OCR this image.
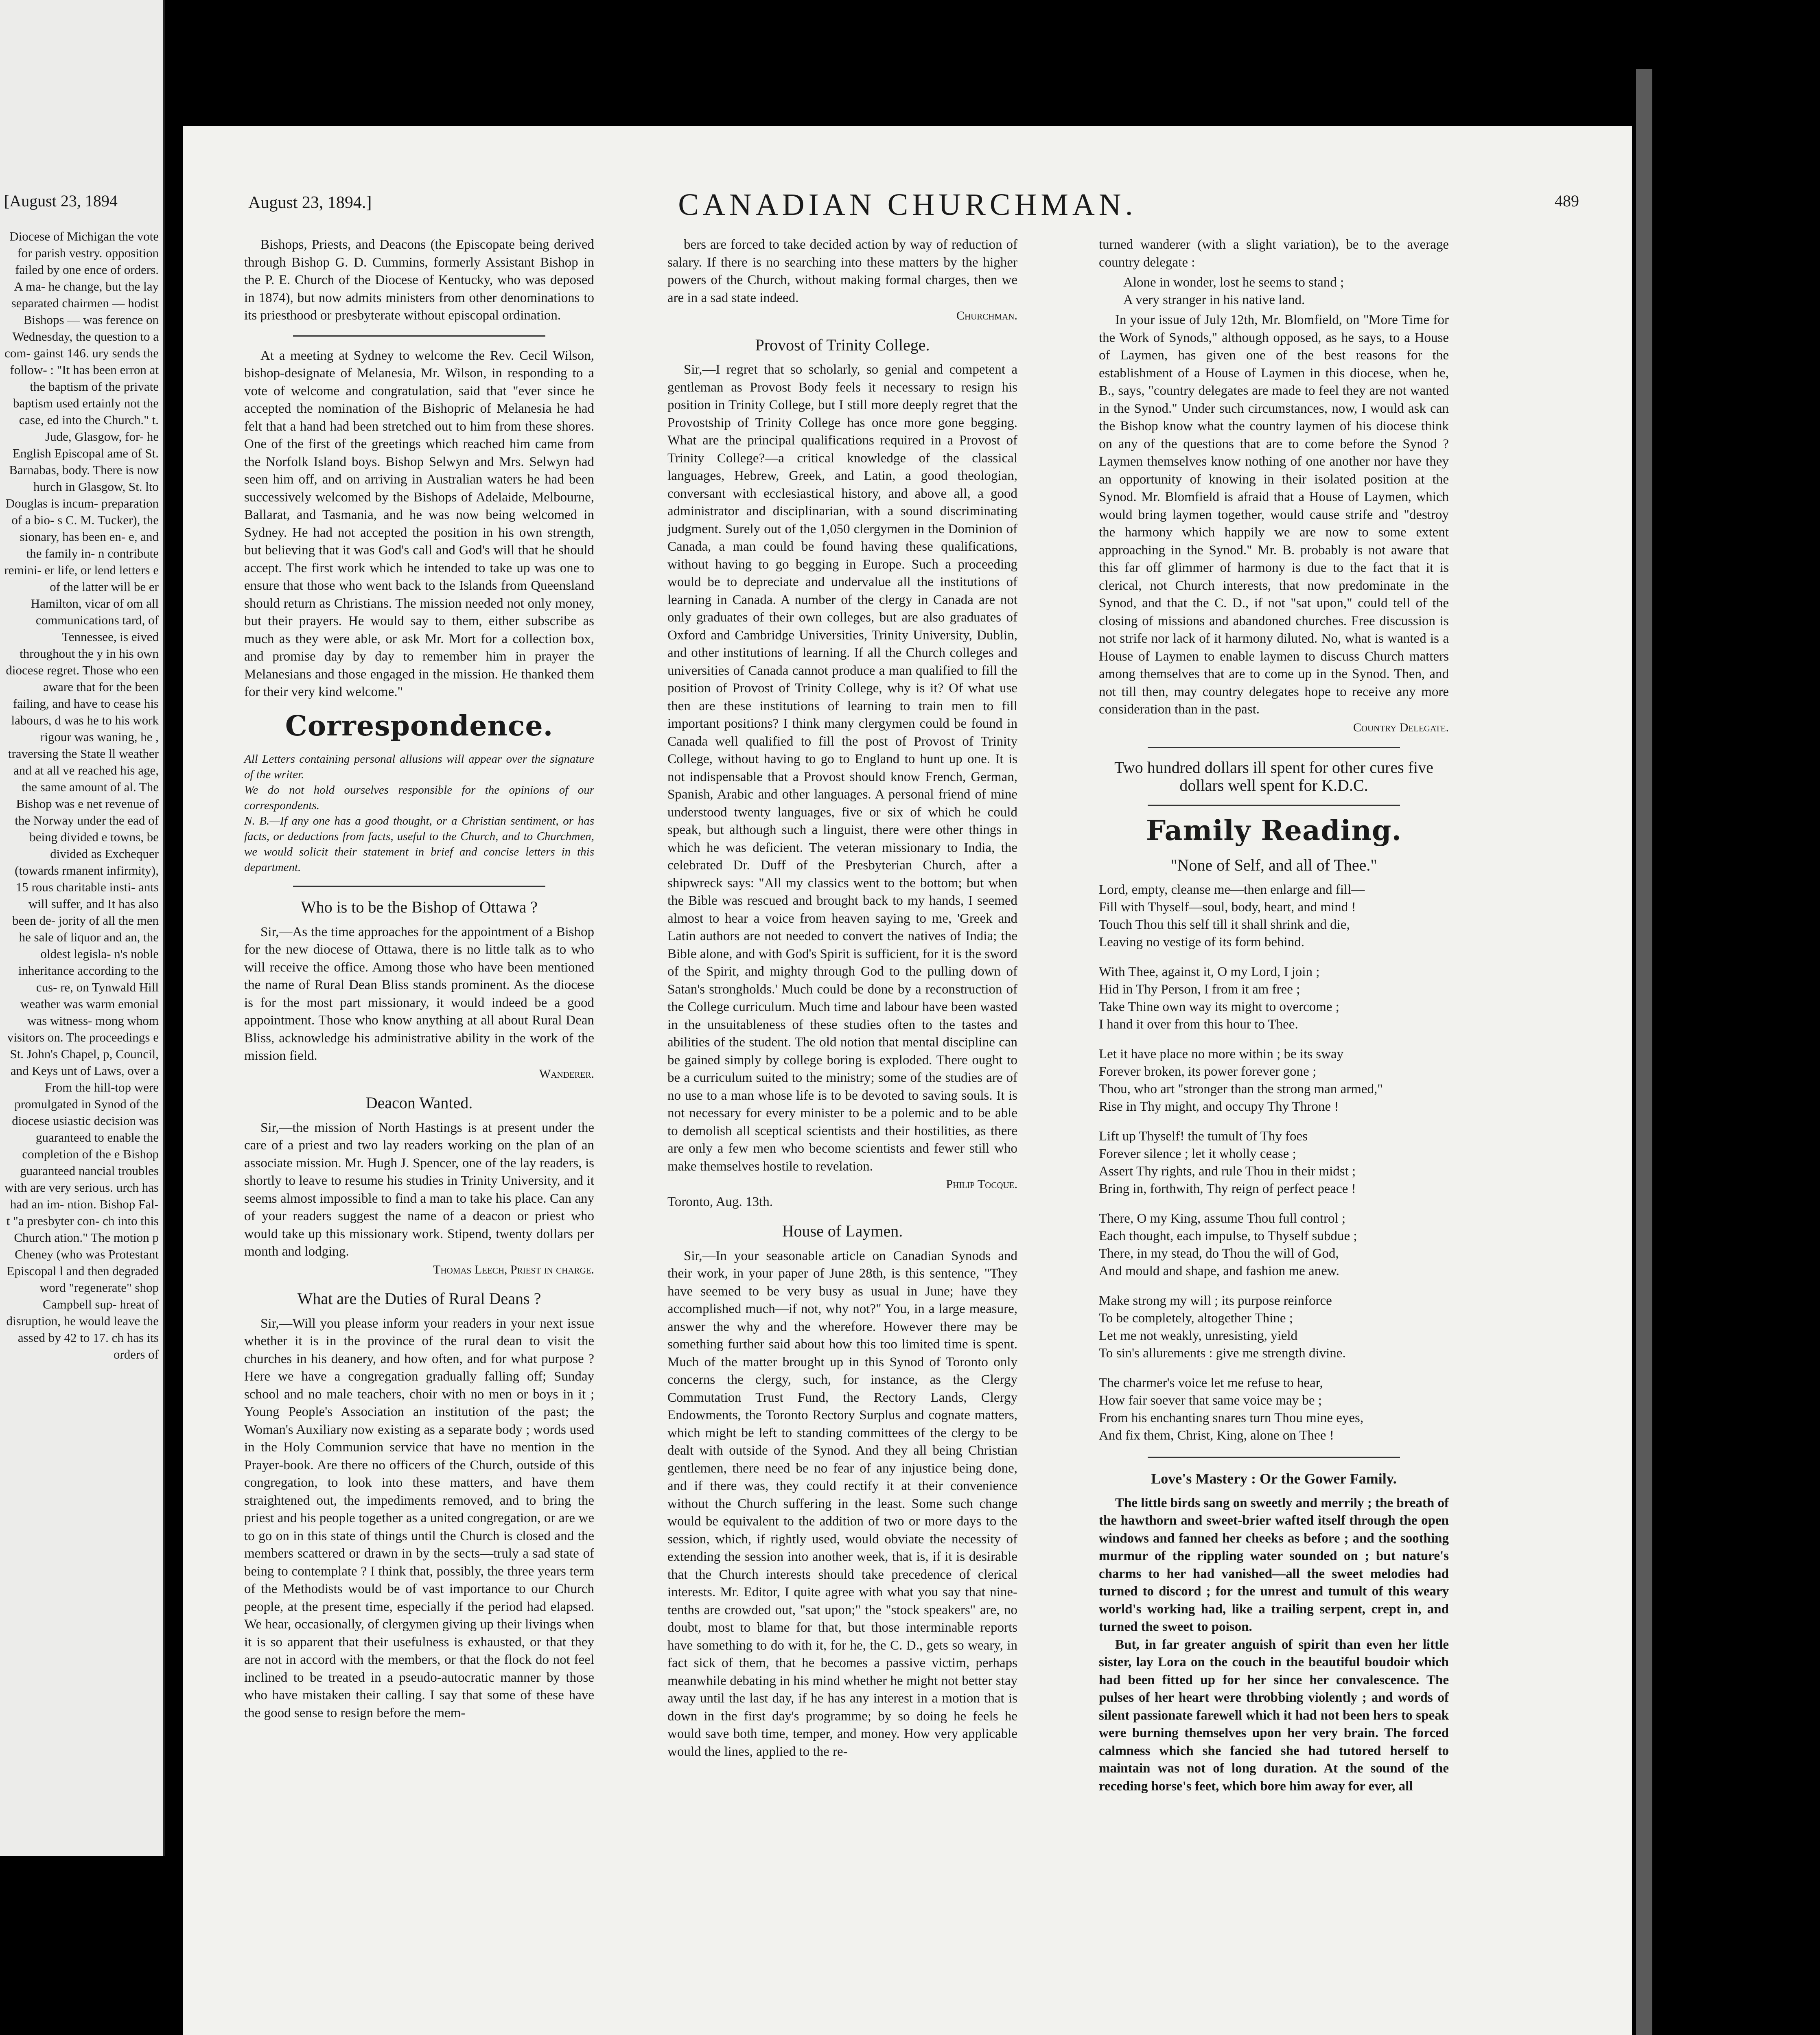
[August 23, 1894
Diocese of Michigan the vote for parish vestry. opposition failed by one ence of orders. A ma- he change, but the lay separated chairmen — hodist Bishops — was ference on Wednesday, the question to a com- gainst 146. ury sends the follow- : "It has been erron at the baptism of the private baptism used ertainly not the case, ed into the Church." t. Jude, Glasgow, for- he English Episcopal ame of St. Barnabas, body. There is now hurch in Glasgow, St. lto Douglas is incum- preparation of a bio- s C. M. Tucker), the sionary, has been en- e, and the family in- n contribute remini- er life, or lend letters e of the latter will be er Hamilton, vicar of om all communications tard, of Tennessee, is eived throughout the y in his own diocese regret. Those who een aware that for the been failing, and have to cease his labours, d was he to his work rigour was waning, he , traversing the State ll weather and at all ve reached his age, the same amount of al. The Bishop was e net revenue of the Norway under the ead of being divided e towns, be divided as Exchequer (towards rmanent infirmity), 15 rous charitable insti- ants will suffer, and It has also been de- jority of all the men he sale of liquor and an, the oldest legisla- n's noble inheritance according to the cus- re, on Tynwald Hill weather was warm emonial was witness- mong whom visitors on. The proceedings e St. John's Chapel, p, Council, and Keys unt of Laws, over a From the hill-top were promulgated in Synod of the diocese usiastic decision was guaranteed to enable the completion of the e Bishop guaranteed nancial troubles with are very serious. urch has had an im- ntion. Bishop Fal- t "a presbyter con- ch into this Church ation." The motion p Cheney (who was Protestant Episcopal l and then degraded word "regenerate" shop Campbell sup- hreat of disruption, he would leave the assed by 42 to 17. ch has its orders of
August 23, 1894.]	CANADIAN CHURCHMAN.	489

Bishops, Priests, and Deacons (the Episcopate being derived through Bishop G. D. Cummins, formerly Assistant Bishop in the P. E. Church of the Diocese of Kentucky, who was deposed in 1874), but now admits ministers from other denominations to its priesthood or presbyterate without episcopal ordination.

At a meeting at Sydney to welcome the Rev. Cecil Wilson, bishop-designate of Melanesia, Mr. Wilson, in responding to a vote of welcome and congratulation, said that "ever since he accepted the nomination of the Bishopric of Melanesia he had felt that a hand had been stretched out to him from these shores. One of the first of the greetings which reached him came from the Norfolk Island boys. Bishop Selwyn and Mrs. Selwyn had seen him off, and on arriving in Australian waters he had been successively welcomed by the Bishops of Adelaide, Melbourne, Ballarat, and Tasmania, and he was now being welcomed in Sydney. He had not accepted the position in his own strength, but believing that it was God's call and God's will that he should accept. The first work which he intended to take up was one to ensure that those who went back to the Islands from Queensland should return as Christians. The mission needed not only money, but their prayers. He would say to them, either subscribe as much as they were able, or ask Mr. Mort for a collection box, and promise day by day to remember him in prayer the Melanesians and those engaged in the mission. He thanked them for their very kind welcome."

Correspondence.
All Letters containing personal allusions will appear over the signature of the writer.
We do not hold ourselves responsible for the opinions of our correspondents.
N. B.—If any one has a good thought, or a Christian sentiment, or has facts, or deductions from facts, useful to the Church, and to Churchmen, we would solicit their statement in brief and concise letters in this department.
Who is to be the Bishop of Ottawa ?

Sir,—As the time approaches for the appointment of a Bishop for the new diocese of Ottawa, there is no little talk as to who will receive the office. Among those who have been mentioned the name of Rural Dean Bliss stands prominent. As the diocese is for the most part missionary, it would indeed be a good appointment. Those who know anything at all about Rural Dean Bliss, acknowledge his administrative ability in the work of the mission field.

Wanderer.
Deacon Wanted.

Sir,—the mission of North Hastings is at present under the care of a priest and two lay readers working on the plan of an associate mission. Mr. Hugh J. Spencer, one of the lay readers, is shortly to leave to resume his studies in Trinity University, and it seems almost impossible to find a man to take his place. Can any of your readers suggest the name of a deacon or priest who would take up this missionary work. Stipend, twenty dollars per month and lodging.

Thomas Leech, Priest in charge.
What are the Duties of Rural Deans ?

Sir,—Will you please inform your readers in your next issue whether it is in the province of the rural dean to visit the churches in his deanery, and how often, and for what purpose ? Here we have a congregation gradually falling off; Sunday school and no male teachers, choir with no men or boys in it ; Young People's Association an institution of the past; the Woman's Auxiliary now existing as a separate body ; words used in the Holy Communion service that have no mention in the Prayer-book. Are there no officers of the Church, outside of this congregation, to look into these matters, and have them straightened out, the impediments removed, and to bring the priest and his people together as a united congregation, or are we to go on in this state of things until the Church is closed and the members scattered or drawn in by the sects—truly a sad state of being to contemplate ? I think that, possibly, the three years term of the Methodists would be of vast importance to our Church people, at the present time, especially if the period had elapsed. We hear, occasionally, of clergymen giving up their livings when it is so apparent that their usefulness is exhausted, or that they are not in accord with the members, or that the flock do not feel inclined to be treated in a pseudo-autocratic manner by those who have mistaken their calling. I say that some of these have the good sense to resign before the mem-

bers are forced to take decided action by way of reduction of salary. If there is no searching into these matters by the higher powers of the Church, without making formal charges, then we are in a sad state indeed.

Churchman.
Provost of Trinity College.

Sir,—I regret that so scholarly, so genial and competent a gentleman as Provost Body feels it necessary to resign his position in Trinity College, but I still more deeply regret that the Provostship of Trinity College has once more gone begging. What are the principal qualifications required in a Provost of Trinity College?—a critical knowledge of the classical languages, Hebrew, Greek, and Latin, a good theologian, conversant with ecclesiastical history, and above all, a good administrator and disciplinarian, with a sound discriminating judgment. Surely out of the 1,050 clergymen in the Dominion of Canada, a man could be found having these qualifications, without having to go begging in Europe. Such a proceeding would be to depreciate and undervalue all the institutions of learning in Canada. A number of the clergy in Canada are not only graduates of their own colleges, but are also graduates of Oxford and Cambridge Universities, Trinity University, Dublin, and other institutions of learning. If all the Church colleges and universities of Canada cannot produce a man qualified to fill the position of Provost of Trinity College, why is it? Of what use then are these institutions of learning to train men to fill important positions? I think many clergymen could be found in Canada well qualified to fill the post of Provost of Trinity College, without having to go to England to hunt up one. It is not indispensable that a Provost should know French, German, Spanish, Arabic and other languages. A personal friend of mine understood twenty languages, five or six of which he could speak, but although such a linguist, there were other things in which he was deficient. The veteran missionary to India, the celebrated Dr. Duff of the Presbyterian Church, after a shipwreck says: "All my classics went to the bottom; but when the Bible was rescued and brought back to my hands, I seemed almost to hear a voice from heaven saying to me, 'Greek and Latin authors are not needed to convert the natives of India; the Bible alone, and with God's Spirit is sufficient, for it is the sword of the Spirit, and mighty through God to the pulling down of Satan's strongholds.' Much could be done by a reconstruction of the College curriculum. Much time and labour have been wasted in the unsuitableness of these studies often to the tastes and abilities of the student. The old notion that mental discipline can be gained simply by college boring is exploded. There ought to be a curriculum suited to the ministry; some of the studies are of no use to a man whose life is to be devoted to saving souls. It is not necessary for every minister to be a polemic and to be able to demolish all sceptical scientists and their hostilities, as there are only a few men who become scientists and fewer still who make themselves hostile to revelation.

Philip Tocque.
Toronto, Aug. 13th.
House of Laymen.

Sir,—In your seasonable article on Canadian Synods and their work, in your paper of June 28th, is this sentence, "They have seemed to be very busy as usual in June; have they accomplished much—if not, why not?" You, in a large measure, answer the why and the wherefore. However there may be something further said about how this too limited time is spent. Much of the matter brought up in this Synod of Toronto only concerns the clergy, such, for instance, as the Clergy Commutation Trust Fund, the Rectory Lands, Clergy Endowments, the Toronto Rectory Surplus and cognate matters, which might be left to standing committees of the clergy to be dealt with outside of the Synod. And they all being Christian gentlemen, there need be no fear of any injustice being done, and if there was, they could rectify it at their convenience without the Church suffering in the least. Some such change would be equivalent to the addition of two or more days to the session, which, if rightly used, would obviate the necessity of extending the session into another week, that is, if it is desirable that the Church interests should take precedence of clerical interests. Mr. Editor, I quite agree with what you say that nine-tenths are crowded out, "sat upon;" the "stock speakers" are, no doubt, most to blame for that, but those interminable reports have something to do with it, for he, the C. D., gets so weary, in fact sick of them, that he becomes a passive victim, perhaps meanwhile debating in his mind whether he might not better stay away until the last day, if he has any interest in a motion that is down in the first day's programme; by so doing he feels he would save both time, temper, and money. How very applicable would the lines, applied to the re-

turned wanderer (with a slight variation), be to the average country delegate :
Alone in wonder, lost he seems to stand ;
A very stranger in his native land.

In your issue of July 12th, Mr. Blomfield, on "More Time for the Work of Synods," although opposed, as he says, to a House of Laymen, has given one of the best reasons for the establishment of a House of Laymen in this diocese, when he, B., says, "country delegates are made to feel they are not wanted in the Synod." Under such circumstances, now, I would ask can the Bishop know what the country laymen of his diocese think on any of the questions that are to come before the Synod ? Laymen themselves know nothing of one another nor have they an opportunity of knowing in their isolated position at the Synod. Mr. Blomfield is afraid that a House of Laymen, which would bring laymen together, would cause strife and "destroy the harmony which happily we are now to some extent approaching in the Synod." Mr. B. probably is not aware that this far off glimmer of harmony is due to the fact that it is clerical, not Church interests, that now predominate in the Synod, and that the C. D., if not "sat upon," could tell of the closing of missions and abandoned churches. Free discussion is not strife nor lack of it harmony diluted. No, what is wanted is a House of Laymen to enable laymen to discuss Church matters among themselves that are to come up in the Synod. Then, and not till then, may country delegates hope to receive any more consideration than in the past.

Country Delegate.
Two hundred dollars ill spent for other cures five dollars well spent for K.D.C.
Family Reading.
"None of Self, and all of Thee."
Lord, empty, cleanse me—then enlarge and fill—
Fill with Thyself—soul, body, heart, and mind !
Touch Thou this self till it shall shrink and die,
Leaving no vestige of its form behind.
With Thee, against it, O my Lord, I join ;
Hid in Thy Person, I from it am free ;
Take Thine own way its might to overcome ;
I hand it over from this hour to Thee.
Let it have place no more within ; be its sway
Forever broken, its power forever gone ;
Thou, who art "stronger than the strong man armed,"
Rise in Thy might, and occupy Thy Throne !
Lift up Thyself! the tumult of Thy foes
Forever silence ; let it wholly cease ;
Assert Thy rights, and rule Thou in their midst ;
Bring in, forthwith, Thy reign of perfect peace !
There, O my King, assume Thou full control ;
Each thought, each impulse, to Thyself subdue ;
There, in my stead, do Thou the will of God,
And mould and shape, and fashion me anew.
Make strong my will ; its purpose reinforce
To be completely, altogether Thine ;
Let me not weakly, unresisting, yield
To sin's allurements : give me strength divine.
The charmer's voice let me refuse to hear,
How fair soever that same voice may be ;
From his enchanting snares turn Thou mine eyes,
And fix them, Christ, King, alone on Thee !
Love's Mastery : Or the Gower Family.

The little birds sang on sweetly and merrily ; the breath of the hawthorn and sweet-brier wafted itself through the open windows and fanned her cheeks as before ; and the soothing murmur of the rippling water sounded on ; but nature's charms to her had vanished—all the sweet melodies had turned to discord ; for the unrest and tumult of this weary world's working had, like a trailing serpent, crept in, and turned the sweet to poison.

But, in far greater anguish of spirit than even her little sister, lay Lora on the couch in the beautiful boudoir which had been fitted up for her since her convalescence. The pulses of her heart were throbbing violently ; and words of silent passionate farewell which it had not been hers to speak were burning themselves upon her very brain. The forced calmness which she fancied she had tutored herself to maintain was not of long duration. At the sound of the receding horse's feet, which bore him away for ever, all
